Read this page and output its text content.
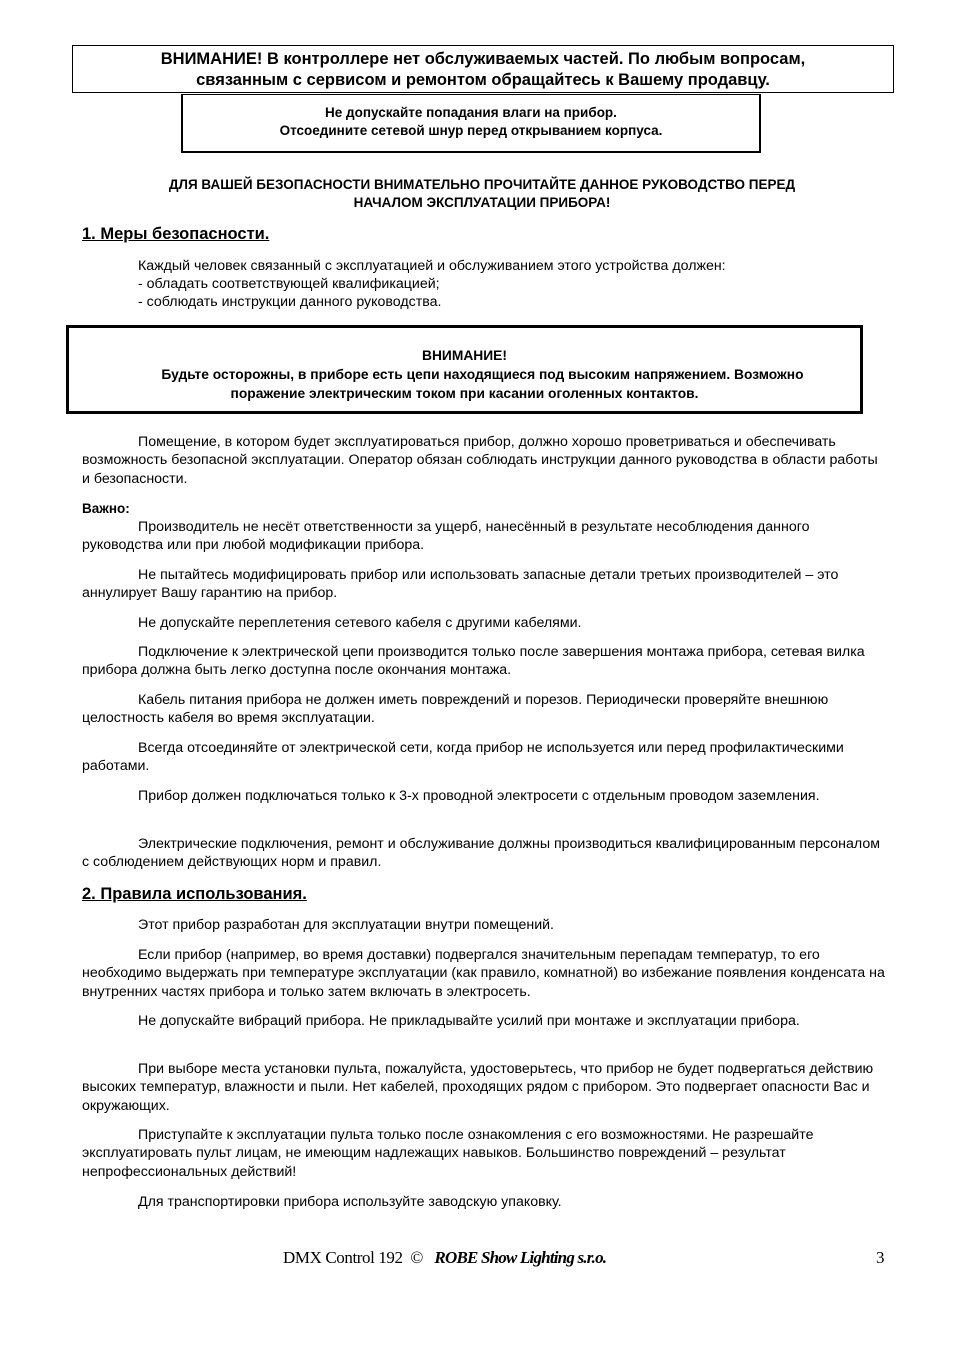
ВНИМАНИЕ! В контроллере нет обслуживаемых частей. По любым вопросам,
связанным с сервисом и ремонтом обращайтесь к Вашему продавцу.
Не допускайте попадания влаги на прибор.
Отсоедините сетевой шнур перед открыванием корпуса.
ДЛЯ ВАШЕЙ БЕЗОПАСНОСТИ ВНИМАТЕЛЬНО ПРОЧИТАЙТЕ ДАННОЕ РУКОВОДСТВО ПЕРЕД
НАЧАЛОМ ЭКСПЛУАТАЦИИ ПРИБОРА!
1. Меры безопасности.
Каждый человек связанный с эксплуатацией и обслуживанием этого устройства должен:
- обладать соответствующей квалификацией;
- соблюдать инструкции данного руководства.
ВНИМАНИЕ!
Будьте осторожны, в приборе есть цепи находящиеся под высоким напряжением. Возможно
поражение электрическим током при касании оголенных контактов.
Помещение, в котором будет эксплуатироваться прибор, должно хорошо проветриваться и обеспечивать возможность безопасной эксплуатации. Оператор обязан соблюдать инструкции данного руководства в области работы и безопасности.
Важно:
Производитель не несёт ответственности за ущерб, нанесённый в результате несоблюдения данного руководства или при любой модификации прибора.
Не пытайтесь модифицировать прибор или использовать запасные детали третьих производителей – это аннулирует Вашу гарантию на прибор.
Не допускайте переплетения сетевого кабеля с другими кабелями.
Подключение к электрической цепи производится только после завершения монтажа прибора, сетевая вилка прибора должна быть легко доступна после окончания монтажа.
Кабель питания прибора не должен иметь повреждений и порезов. Периодически проверяйте внешнюю целостность кабеля во время эксплуатации.
Всегда отсоединяйте от электрической сети, когда прибор не используется или перед профилактическими работами.
Прибор должен подключаться только к 3-х проводной электросети с отдельным проводом заземления.
Электрические подключения, ремонт и обслуживание должны производиться квалифицированным персоналом с соблюдением действующих норм и правил.
2. Правила использования.
Этот прибор разработан для эксплуатации внутри помещений.
Если прибор (например, во время доставки) подвергался значительным перепадам температур, то его необходимо выдержать при температуре эксплуатации (как правило, комнатной) во избежание появления конденсата на внутренних частях прибора и только затем включать в электросеть.
Не допускайте вибраций прибора. Не прикладывайте усилий при монтаже и эксплуатации прибора.
При выборе места установки пульта, пожалуйста, удостоверьтесь, что прибор не будет подвергаться действию высоких температур, влажности и пыли. Нет кабелей, проходящих рядом с прибором. Это подвергает опасности Вас и окружающих.
Приступайте к эксплуатации пульта только после ознакомления с его возможностями. Не разрешайте эксплуатировать пульт лицам, не имеющим надлежащих навыков. Большинство повреждений – результат непрофессиональных действий!
Для транспортировки прибора используйте заводскую упаковку.
DMX Control 192 © ROBE Show Lighting s.r.o.	3
